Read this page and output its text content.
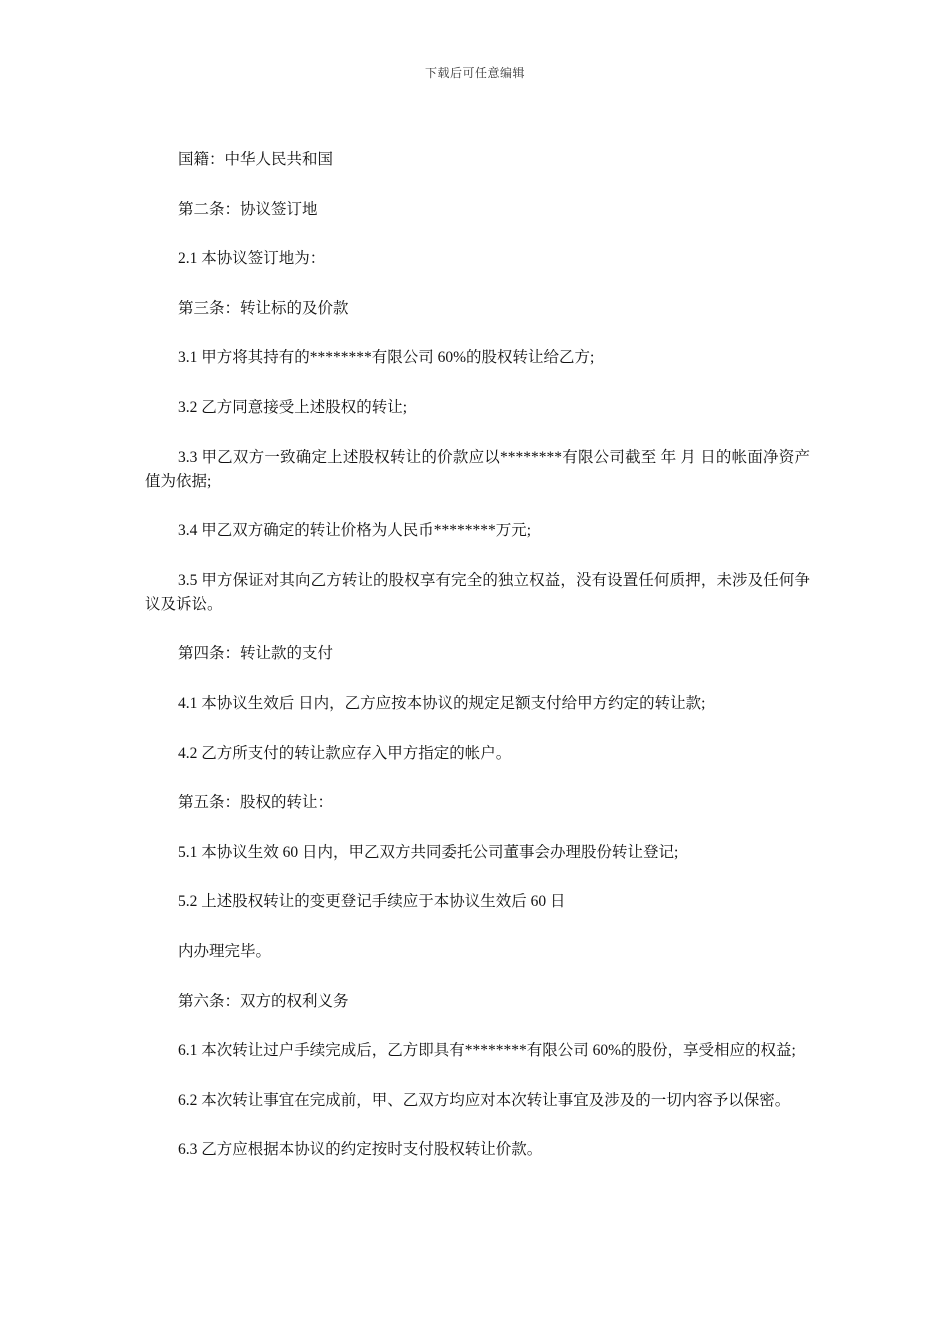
下载后可任意编辑

国籍：中华人民共和国

第二条：协议签订地

2.1 本协议签订地为：

第三条：转让标的及价款

3.1 甲方将其持有的********有限公司 60%的股权转让给乙方;

3.2 乙方同意接受上述股权的转让;

3.3 甲乙双方一致确定上述股权转让的价款应以********有限公司截至 年 月 日的帐面净资产值为依据;

3.4 甲乙双方确定的转让价格为人民币********万元;

3.5 甲方保证对其向乙方转让的股权享有完全的独立权益，没有设置任何质押，未涉及任何争议及诉讼。

第四条：转让款的支付

4.1 本协议生效后 日内，乙方应按本协议的规定足额支付给甲方约定的转让款;

4.2 乙方所支付的转让款应存入甲方指定的帐户。

第五条：股权的转让：

5.1 本协议生效 60 日内，甲乙双方共同委托公司董事会办理股份转让登记;

5.2 上述股权转让的变更登记手续应于本协议生效后 60 日

内办理完毕。

第六条：双方的权利义务

6.1 本次转让过户手续完成后，乙方即具有********有限公司 60%的股份，享受相应的权益;

6.2 本次转让事宜在完成前，甲、乙双方均应对本次转让事宜及涉及的一切内容予以保密。

6.3 乙方应根据本协议的约定按时支付股权转让价款。
